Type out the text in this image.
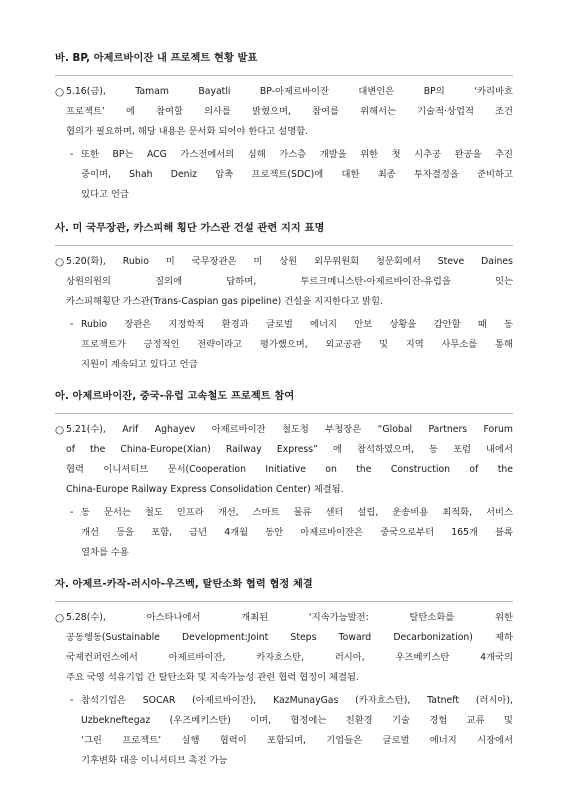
바. BP, 아제르바이잔 내 프로젝트 현황 발표
○ 5.16(금), Tamam Bayatli BP-아제르바이잔 대변인은 BP의 ‘카리바흐
프로젝트’ 에 참여할 의사를 밝혔으며, 참여를 위해서는 기술적·상업적 조건
협의가 필요하며, 해당 내용은 문서화 되어야 한다고 설명함.
- 또한 BP는 ACG 가스전에서의 심해 가스층 개발을 위한 첫 시추공 완공을 추진
중이며, Shah Deniz 압축 프로젝트(SDC)에 대한 최종 투자결정을 준비하고
있다고 언급
사. 미 국무장관, 카스피해 횡단 가스관 건설 관련 지지 표명
○ 5.20(화), Rubio 미 국무장관은 미 상원 외무위원회 청문회에서 Steve Daines
상원의원의 질의에 답하며, 투르크메니스탄-아제르바이잔-유럽을 잇는
카스피해횡단 가스관(Trans-Caspian gas pipeline) 건설을 지지한다고 밝힘.
- Rubio 장관은 지정학적 환경과 글로벌 에너지 안보 상황을 감안할 때 동
프로젝트가 긍정적인 전략이라고 평가했으며, 외교공관 및 지역 사무소를 통해
지원이 계속되고 있다고 언급
아. 아제르바이잔, 중국-유럽 고속철도 프로젝트 참여
○ 5.21(수), Arif Aghayev 아제르바이잔 철도청 부청장은 “Global Partners Forum
of the China-Europe(Xian) Railway Express” 에 참석하였으며, 동 포럼 내에서
협력 이니셔티브 문서(Cooperation Initiative on the Construction of the
China-Europe Railway Express Consolidation Center) 체결됨.
- 동 문서는 철도 인프라 개선, 스마트 물류 센터 설립, 운송비용 최적화, 서비스
개선 등을 포함, 금년 4개월 동안 아제르바이잔은 중국으로부터 165개 블록
열차를 수용
자. 아제르-카작-러시아-우즈벡, 탈탄소화 협력 협정 체결
○ 5.28(수), 아스타나에서 개최된 ‘지속가능발전: 탈탄소화를 위한
공동행동(Sustainable Development:Joint Steps Toward Decarbonization) 제하
국제컨퍼런스에서 아제르바이잔, 카자흐스탄, 러시아, 우즈베키스탄 4개국의
주요 국영 석유기업 간 탈탄소화 및 지속가능성 관련 협력 협정이 체결됨.
- 참석기업은 SOCAR (아제르바이잔), KazMunayGas (카자흐스탄), Tatneft (러시아),
Uzbekneftegaz (우즈베키스탄) 이며, 협정에는 친환경 기술 경험 교류 및
‘그린 프로젝트’ 실행 협력이 포함되며, 기업들은 글로벌 에너지 시장에서
기후변화 대응 이니셔티브 촉진 가능
